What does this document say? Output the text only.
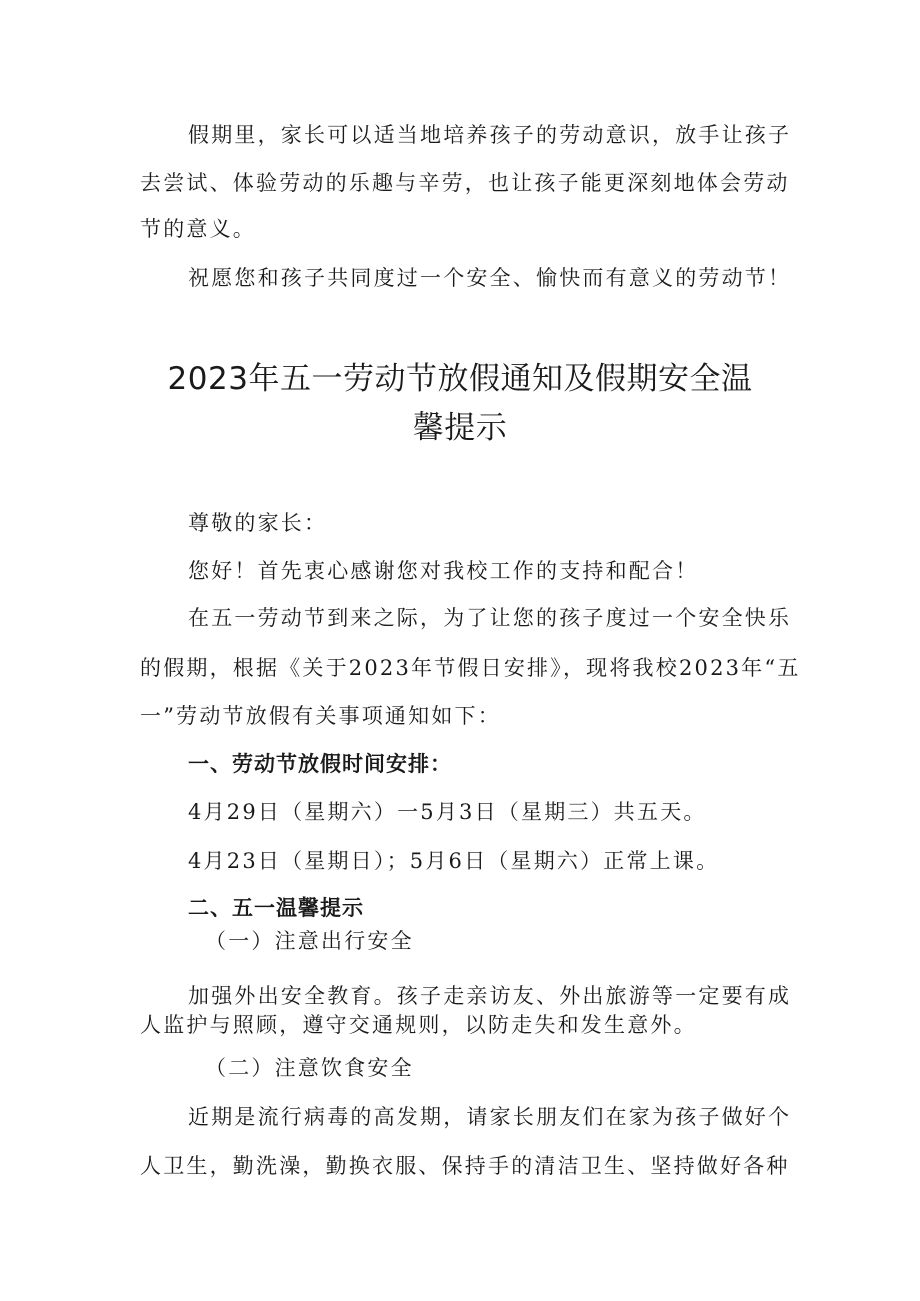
假期里，家长可以适当地培养孩子的劳动意识，放手让孩子
去尝试、体验劳动的乐趣与辛劳，也让孩子能更深刻地体会劳动
节的意义。
祝愿您和孩子共同度过一个安全、愉快而有意义的劳动节！
2023年五一劳动节放假通知及假期安全温
馨提示
尊敬的家长：
您好！首先衷心感谢您对我校工作的支持和配合！
在五一劳动节到来之际，为了让您的孩子度过一个安全快乐
的假期，根据《关于2023年节假日安排》，现将我校2023年“五
一”劳动节放假有关事项通知如下：
一、劳动节放假时间安排：
4月29日（星期六）一5月3日（星期三）共五天。
4月23日（星期日）；5月6日（星期六）正常上课。
二、五一温馨提示
（一）注意出行安全
加强外出安全教育。孩子走亲访友、外出旅游等一定要有成
人监护与照顾，遵守交通规则，以防走失和发生意外。
（二）注意饮食安全
近期是流行病毒的高发期，请家长朋友们在家为孩子做好个
人卫生，勤洗澡，勤换衣服、保持手的清洁卫生、坚持做好各种
